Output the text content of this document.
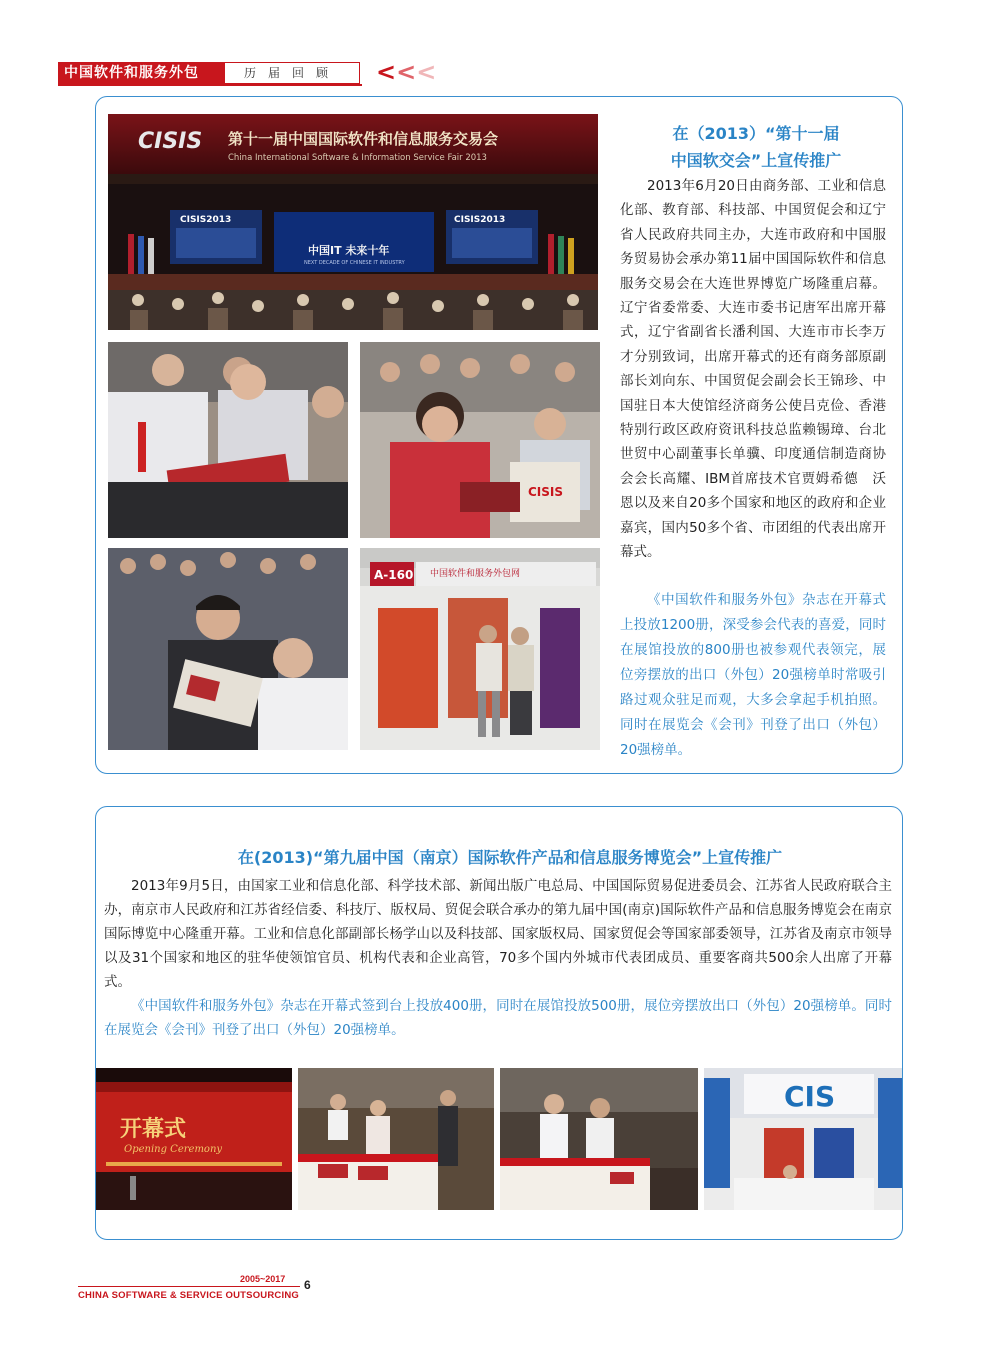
中国软件和服务外包	历届回顾	<<<
CISIS 第十一届中国国际软件和信息服务交易会
China International Software & Information Service Fair 2013
CISIS2013
中国IT 未来十年
NEXT DECADE OF CHINESE IT INDUSTRY
CISIS2013
CISIS
A-160 中国软件和服务外包网
在（2013）“第十一届
中国软交会”上宣传推广

2013年6月20日由商务部、工业和信息化部、教育部、科技部、中国贸促会和辽宁省人民政府共同主办，大连市政府和中国服务贸易协会承办第11届中国国际软件和信息服务交易会在大连世界博览广场隆重启幕。辽宁省委常委、大连市委书记唐军出席开幕式，辽宁省副省长潘利国、大连市市长李万才分别致词，出席开幕式的还有商务部原副部长刘向东、中国贸促会副会长王锦珍、中国驻日本大使馆经济商务公使吕克俭、香港特别行政区政府资讯科技总监赖锡璋、台北世贸中心副董事长单骥、印度通信制造商协会会长高耀、IBM首席技术官贾姆希德　沃恩以及来自20多个国家和地区的政府和企业嘉宾，国内50多个省、市团组的代表出席开幕式。

《中国软件和服务外包》杂志在开幕式上投放1200册，深受参会代表的喜爱，同时在展馆投放的800册也被参观代表领完，展位旁摆放的出口（外包）20强榜单时常吸引路过观众驻足而观，大多会拿起手机拍照。同时在展览会《会刊》刊登了出口（外包）20强榜单。

在(2013)“第九届中国（南京）国际软件产品和信息服务博览会”上宣传推广

2013年9月5日，由国家工业和信息化部、科学技术部、新闻出版广电总局、中国国际贸易促进委员会、江苏省人民政府联合主办，南京市人民政府和江苏省经信委、科技厅、版权局、贸促会联合承办的第九届中国(南京)国际软件产品和信息服务博览会在南京国际博览中心隆重开幕。工业和信息化部副部长杨学山以及科技部、国家版权局、国家贸促会等国家部委领导，江苏省及南京市领导以及31个国家和地区的驻华使领馆官员、机构代表和企业高管，70多个国内外城市代表团成员、重要客商共500余人出席了开幕式。

《中国软件和服务外包》杂志在开幕式签到台上投放400册，同时在展馆投放500册，展位旁摆放出口（外包）20强榜单。同时在展览会《会刊》刊登了出口（外包）20强榜单。

开幕式
Opening Ceremony
CIS
2005~2017
CHINA SOFTWARE & SERVICE OUTSOURCING
6
